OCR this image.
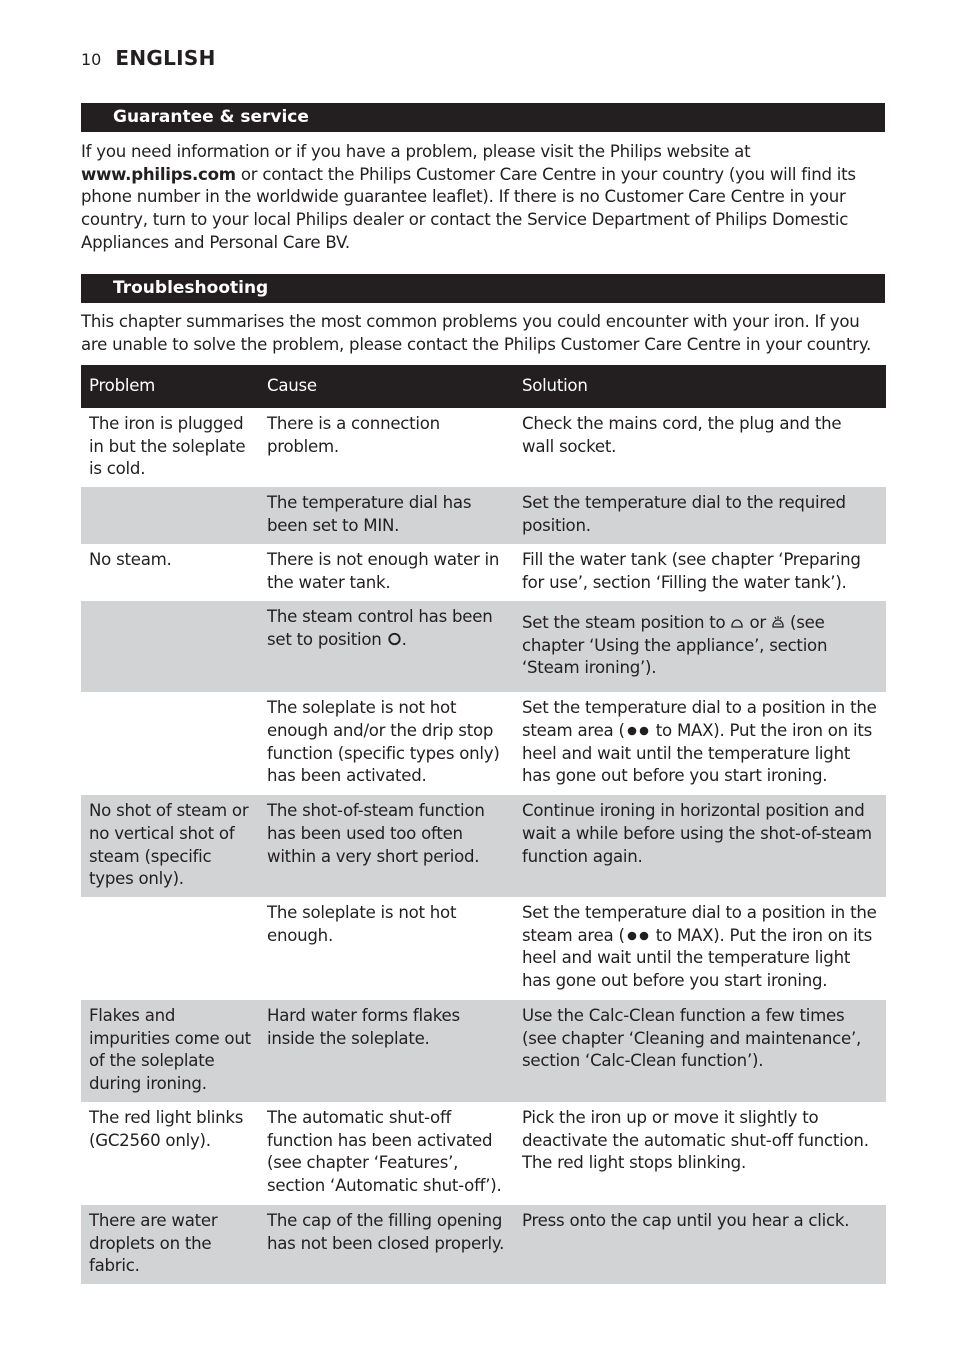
10 ENGLISH
Guarantee & service

If you need information or if you have a problem, please visit the Philips website at www.philips.com or contact the Philips Customer Care Centre in your country (you will find its phone number in the worldwide guarantee leaflet). If there is no Customer Care Centre in your country, turn to your local Philips dealer or contact the Service Department of Philips Domestic Appliances and Personal Care BV.

Troubleshooting

This chapter summarises the most common problems you could encounter with your iron. If you are unable to solve the problem, please contact the Philips Customer Care Centre in your country.

Problem	Cause	Solution
The iron is plugged in but the soleplate is cold.	There is a connection problem.	Check the mains cord, the plug and the wall socket.
	The temperature dial has been set to MIN.	Set the temperature dial to the required position.
No steam.	There is not enough water in the water tank.	Fill the water tank (see chapter ‘Preparing for use’, section ‘Filling the water tank’).
	The steam control has been set to position .	Set the steam position to  or  (see chapter ‘Using the appliance’, section ‘Steam ironing’).
	The soleplate is not hot enough and/or the drip stop function (specific types only) has been activated.	Set the temperature dial to a position in the steam area ( to MAX). Put the iron on its heel and wait until the temperature light has gone out before you start ironing.
No shot of steam or no vertical shot of steam (specific types only).	The shot-of-steam function has been used too often within a very short period.	Continue ironing in horizontal position and wait a while before using the shot-of-steam function again.
	The soleplate is not hot enough.	Set the temperature dial to a position in the steam area ( to MAX). Put the iron on its heel and wait until the temperature light has gone out before you start ironing.
Flakes and impurities come out of the soleplate during ironing.	Hard water forms flakes inside the soleplate.	Use the Calc-Clean function a few times (see chapter ‘Cleaning and maintenance’, section ‘Calc-Clean function’).
The red light blinks (GC2560 only).	The automatic shut-off function has been activated (see chapter ‘Features’, section ‘Automatic shut-off’).	Pick the iron up or move it slightly to deactivate the automatic shut-off function. The red light stops blinking.
There are water droplets on the fabric.	The cap of the filling opening has not been closed properly.	Press onto the cap until you hear a click.
